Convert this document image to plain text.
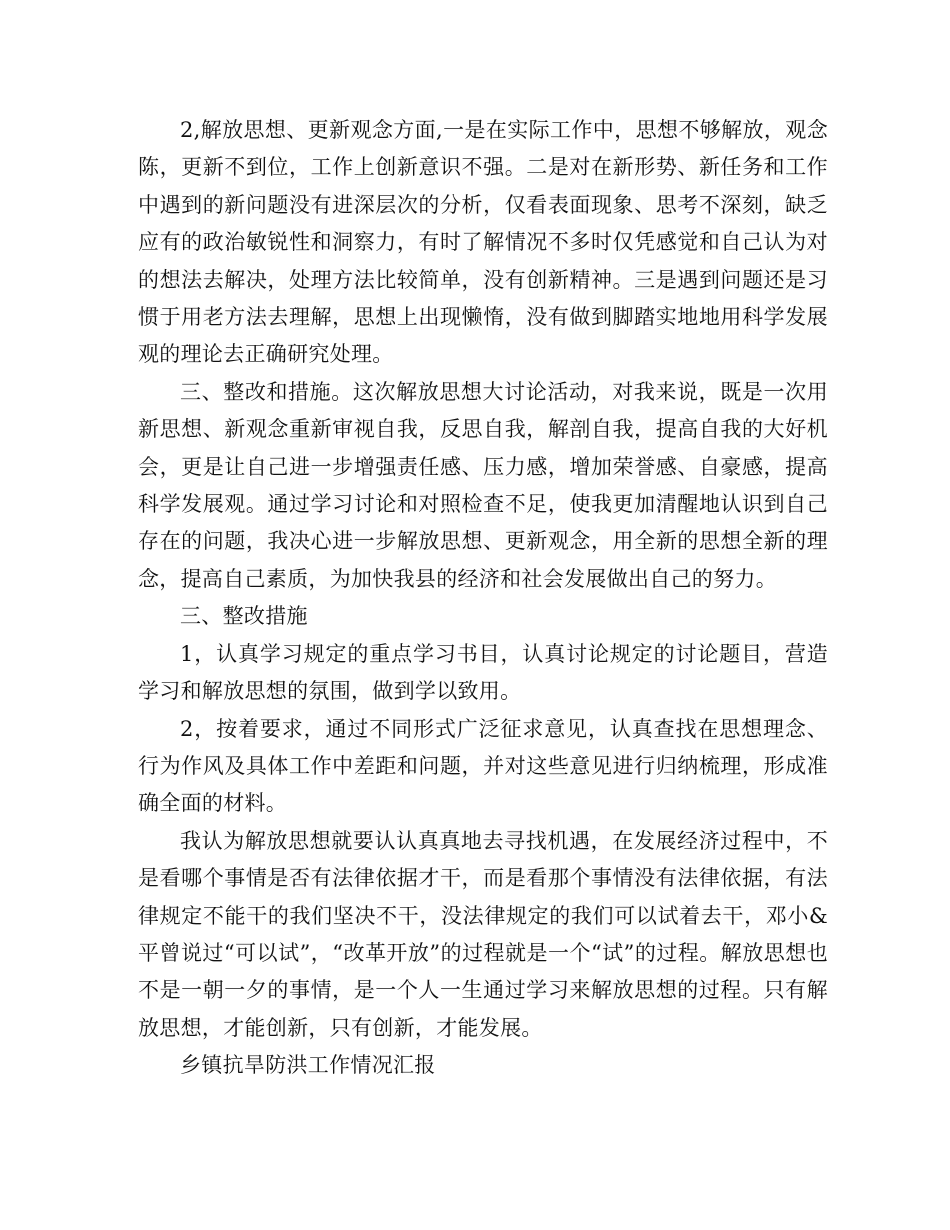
2,解放思想、更新观念方面,一是在实际工作中，思想不够解放，观念陈，更新不到位，工作上创新意识不强。二是对在新形势、新任务和工作中遇到的新问题没有进深层次的分析，仅看表面现象、思考不深刻，缺乏应有的政治敏锐性和洞察力，有时了解情况不多时仅凭感觉和自己认为对的想法去解决，处理方法比较简单，没有创新精神。三是遇到问题还是习惯于用老方法去理解，思想上出现懒惰，没有做到脚踏实地地用科学发展观的理论去正确研究处理。

三、整改和措施。这次解放思想大讨论活动，对我来说，既是一次用新思想、新观念重新审视自我，反思自我，解剖自我，提高自我的大好机会，更是让自己进一步增强责任感、压力感，增加荣誉感、自豪感，提高科学发展观。通过学习讨论和对照检查不足，使我更加清醒地认识到自己存在的问题，我决心进一步解放思想、更新观念，用全新的思想全新的理念，提高自己素质，为加快我县的经济和社会发展做出自己的努力。

三、整改措施

1，认真学习规定的重点学习书目，认真讨论规定的讨论题目，营造学习和解放思想的氛围，做到学以致用。

2，按着要求，通过不同形式广泛征求意见，认真查找在思想理念、行为作风及具体工作中差距和问题，并对这些意见进行归纳梳理，形成准确全面的材料。

我认为解放思想就要认认真真地去寻找机遇，在发展经济过程中，不是看哪个事情是否有法律依据才干，而是看那个事情没有法律依据，有法律规定不能干的我们坚决不干，没法律规定的我们可以试着去干，邓小&平曾说过“可以试”，“改革开放”的过程就是一个“试”的过程。解放思想也不是一朝一夕的事情，是一个人一生通过学习来解放思想的过程。只有解放思想，才能创新，只有创新，才能发展。

乡镇抗旱防洪工作情况汇报
